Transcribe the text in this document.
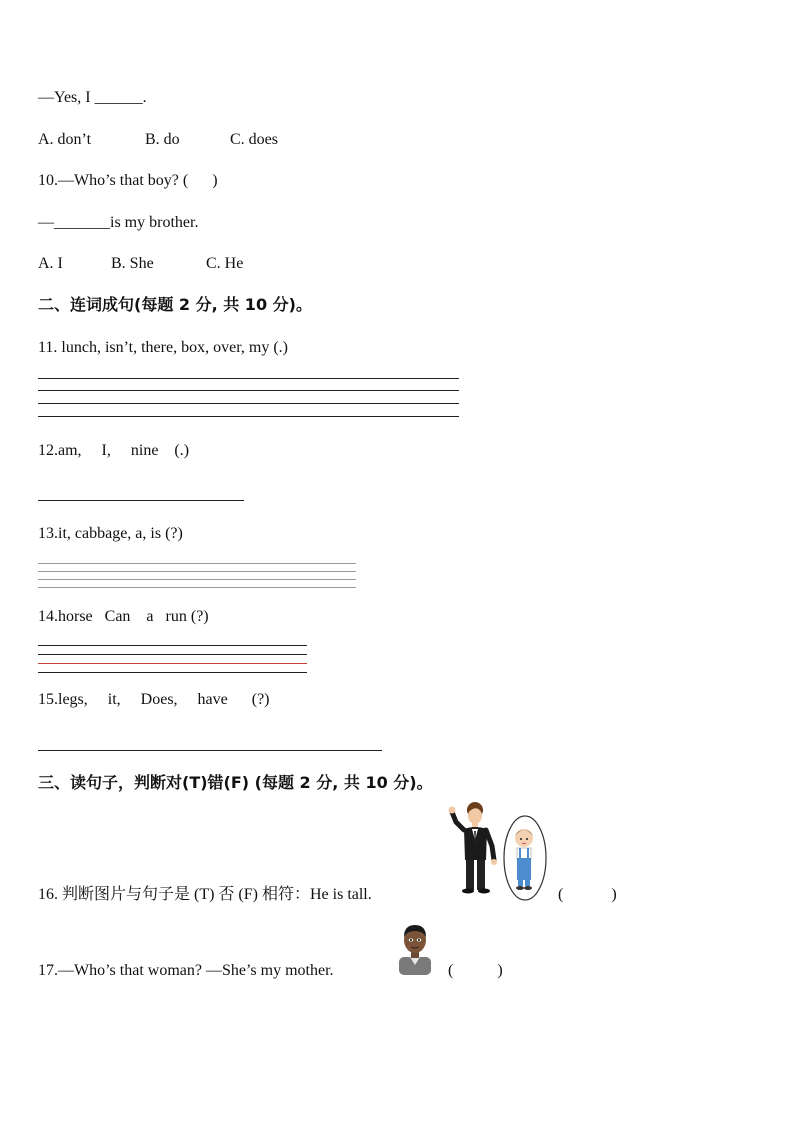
—Yes, I ______.
A. don’t	B. do	C. does
10.—Who’s that boy? (      )
—_______is my brother.
A. I	B. She	C. He
二、连词成句(每题 2 分, 共 10 分)。
11. lunch, isn’t, there, box, over, my (.)
12.am,     I,     nine    (.)
13.it, cabbage, a, is (?)
14.horse   Can    a   run (?)
15.legs,     it,     Does,     have      (?)
三、读句子，判断对(T)错(F) (每题 2 分, 共 10 分)。
16. 判断图片与句子是 (T) 否 (F) 相符：He is tall.	(            )
17.—Who’s that woman? —She’s my mother.	(           )
